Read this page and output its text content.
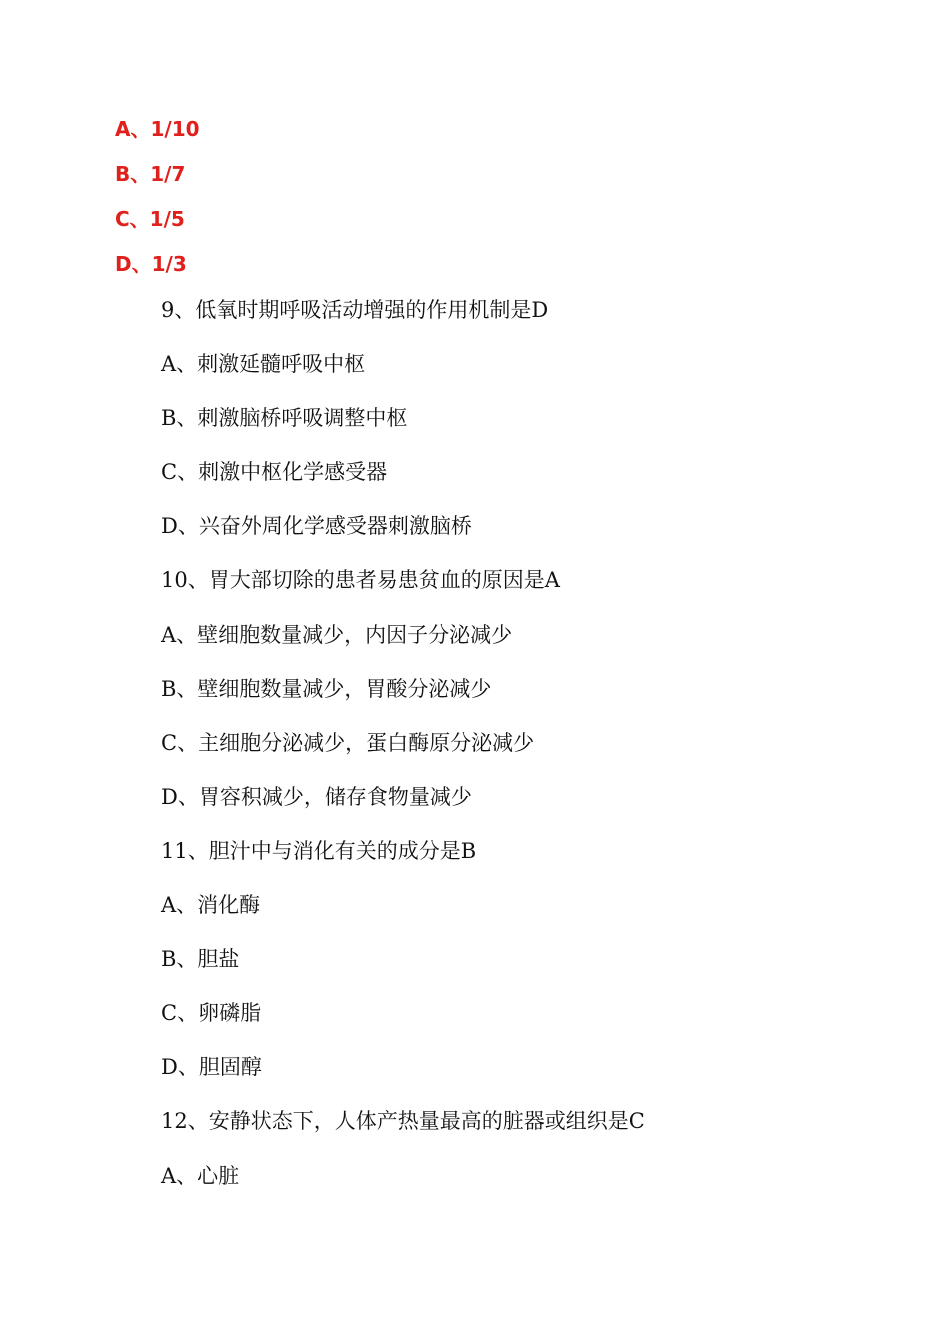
A、1/10
B、1/7
C、1/5
D、1/3
9、低氧时期呼吸活动增强的作用机制是D
A、刺激延髓呼吸中枢
B、刺激脑桥呼吸调整中枢
C、刺激中枢化学感受器
D、兴奋外周化学感受器刺激脑桥
10、胃大部切除的患者易患贫血的原因是A
A、壁细胞数量减少，内因子分泌减少
B、壁细胞数量减少，胃酸分泌减少
C、主细胞分泌减少，蛋白酶原分泌减少
D、胃容积减少，储存食物量减少
11、胆汁中与消化有关的成分是B
A、消化酶
B、胆盐
C、卵磷脂
D、胆固醇
12、安静状态下，人体产热量最高的脏器或组织是C
A、心脏
